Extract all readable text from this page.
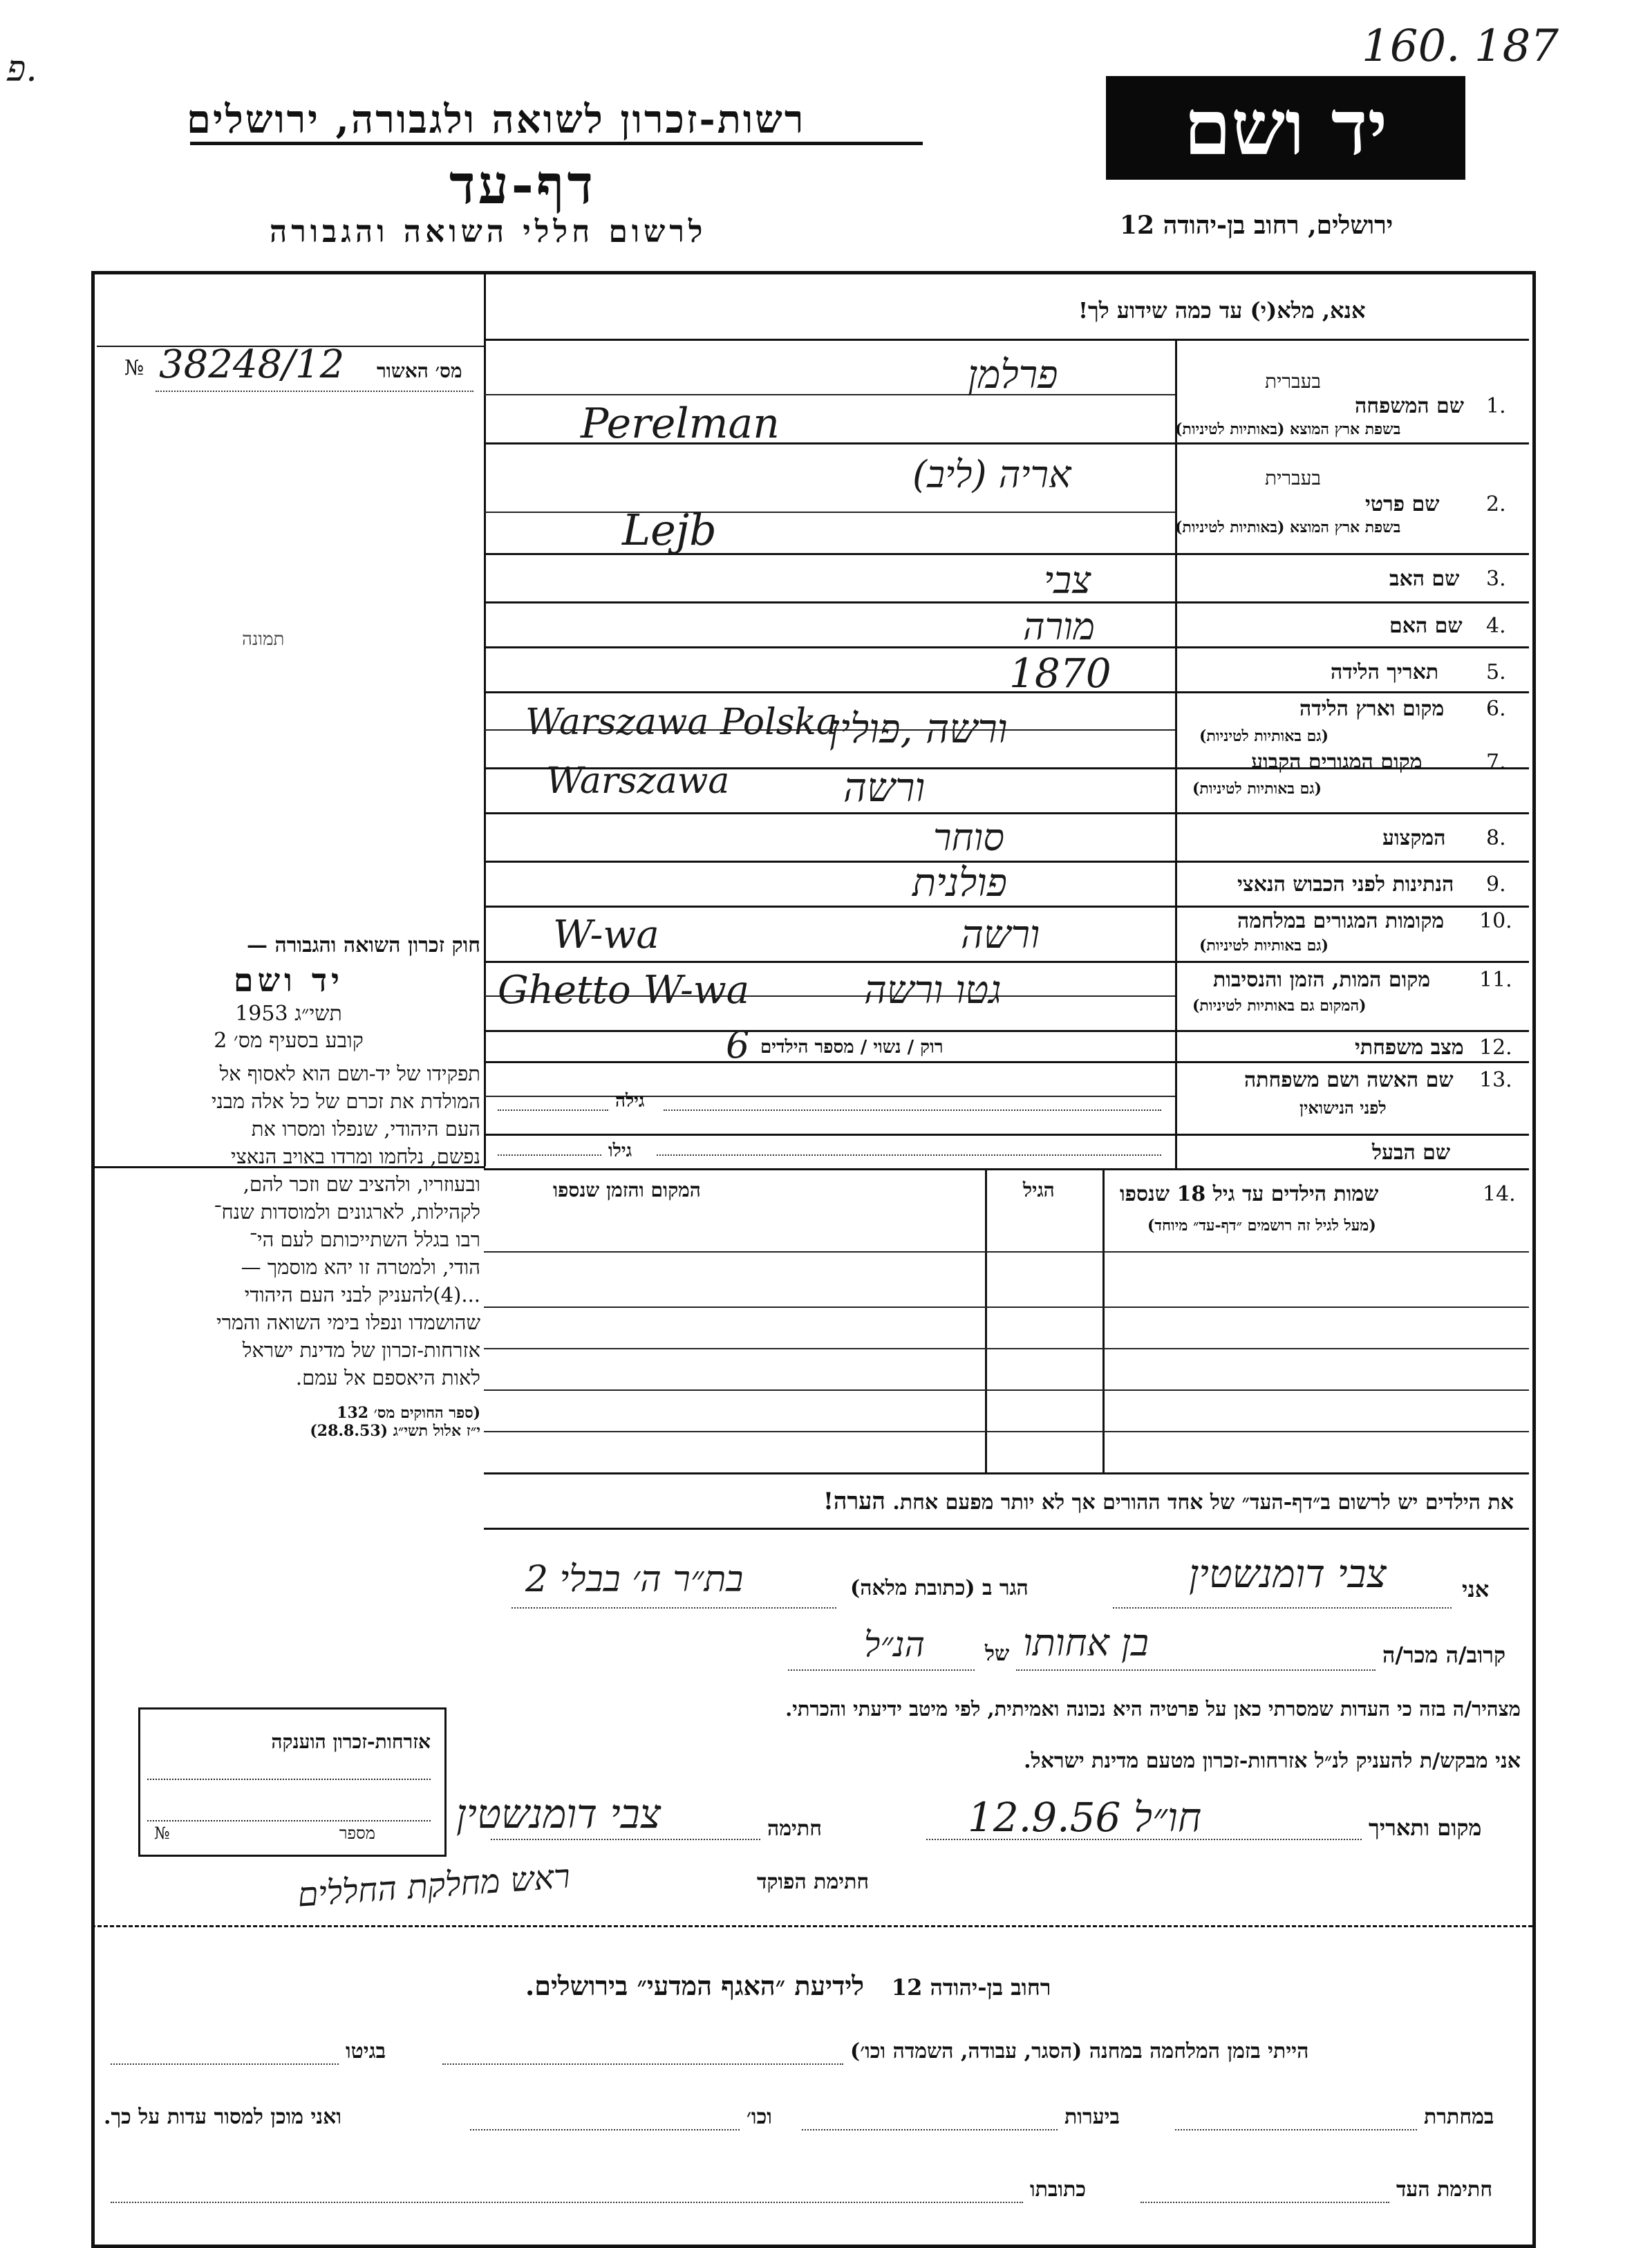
160. 187
פ.
רשות-זכרון לשואה ולגבורה, ירושלים
דף-עד
לרשום חללי השואה והגבורה
יד ושם
ירושלים, רחוב בן-יהודה 12
אנא, מלא(י) עד כמה שידוע לך!
№ 38248/12 מס׳ האשור
תמונה
חוק זכרון השואה והגבורה —
יד ושם
תשי״ג 1953
קובע בסעיף מס׳ 2
תפקידו של יד-ושם הוא לאסוף אל
המולדת את זכרם של כל אלה מבני
העם היהודי, שנפלו ומסרו את
נפשם, נלחמו ומרדו באויב הנאצי
ובעוזריו, ולהציב שם וזכר להם,
לקהילות, לארגונים ולמוסדות שנח־
רבו בגלל השתייכותם לעם הי־
הודי, ולמטרה זו יהא מוסמך —
...(4)להעניק לבני העם היהודי
שהושמדו ונפלו בימי השואה והמרי
אזרחות-זכרון של מדינת ישראל
לאות היאספם אל עמם.
(ספר החוקים מס׳ 132
י״ז אלול תשי״ג (28.8.53)
בעברית
שם המשפחה 1.
בשפת ארץ המוצא (באותיות לטיניות)
פרלמן
Perelman
בעברית
שם פרטי 2.
בשפת ארץ המוצא (באותיות לטיניות)
אריה (ליב)
Lejb
שם האב 3.
צבי
שם האם 4.
מורה
תאריך הלידה 5.
1870
מקום וארץ הלידה 6.
(גם באותיות לטיניות)
ורשה ,פולין
Warszawa Polska
מקום המגורים הקבוע	7.
(גם באותיות לטיניות)
ורשה
Warszawa
המקצוע 8.
סוחר
הנתינות לפני הכבוש הנאצי 9.
פולנית
מקומות המגורים במלחמה 10.
(גם באותיות לטיניות)
ורשה
W-wa
מקום המות, הזמן והנסיבות 11.
(המקום גם באותיות לטיניות)
גטו ורשה
Ghetto W-wa
מצב משפחתי 12.
רוק / נשוי / מספר הילדים
6
שם האשה ושם משפחתה 13.
לפני הנישואין
גילה
שם הבעל
גילו
שמות הילדים עד גיל 18 שנספו	14.
(מעל לגיל זה רושמים ״דף-עד״ מיוחד)
הגיל
המקום והזמן שנספו
את הילדים יש לרשום ב״דף-העד״ של אחד ההורים אך לא יותר מפעם אחת. הערה!
אני
צבי דומנשטין
הגר ב (כתובת מלאה)
בת״ר ה׳ בבלי 2
קרוב/ה מכר/ה
בן אחותו
של
הנ״ל
מצהיר/ה בזה כי העדות שמסרתי כאן על פרטיה היא נכונה ואמיתית, לפי מיטב ידיעתי והכרתי.
אני מבקש/ת להעניק לנ״ל אזרחות-זכרון מטעם מדינת ישראל.
מקום ותאריך
12.9.56 חו״ל
חתימה
צבי דומנשטין
חתימת הפוקד
ראש מחלקת החללים
אזרחות-זכרון הוענקה
מספר
№
רחוב בן-יהודה 12   לידיעת ״האגף המדעי״ בירושלים.
הייתי בזמן המלחמה במחנה (הסגר, עבודה, השמדה וכו׳)
בגיטו
במחתרת
ביערות
וכו׳
ואני מוכן למסור עדות על כך.
חתימת העד
כתובתו
